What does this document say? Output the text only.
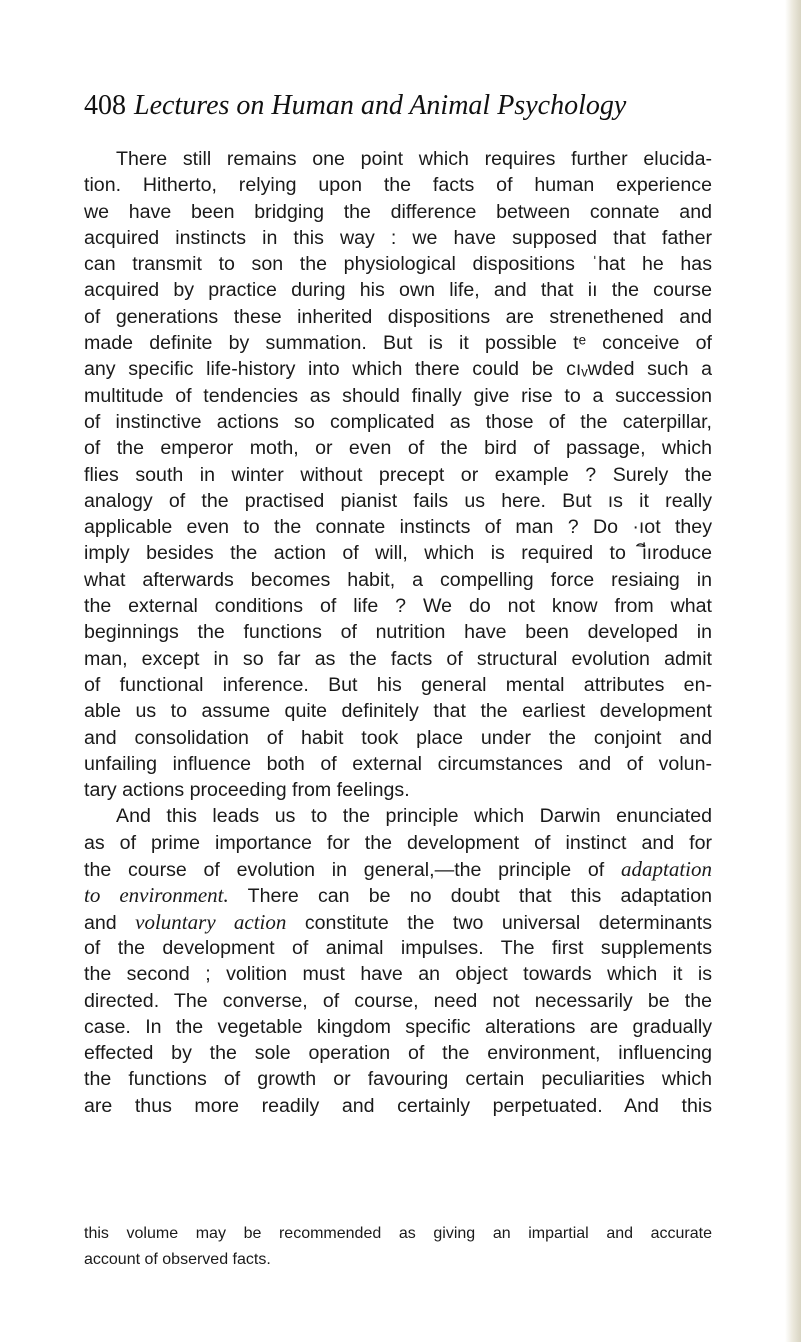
408 Lectures on Human and Animal Psychology
There still remains one point which requires further elucida-
tion. Hitherto, relying upon the facts of human experience
we have been bridging the difference between connate and
acquired instincts in this way : we have supposed that father
can transmit to son the physiological dispositions ˈhat he has
acquired by practice during his own life, and that iı the course
of generations these inherited dispositions are strenethened and
made definite by summation. But is it possible tᵉ conceive of
any specific life-history into which there could be cıᵥwded such a
multitude of tendencies as should finally give rise to a succession
of instinctive actions so complicated as those of the caterpillar,
of the emperor moth, or even of the bird of passage, which
flies south in winter without precept or example ? Surely the
analogy of the practised pianist fails us here. But ıѕ it really
applicable even to the connate instincts of man ? Do ·ıot they
imply besides the action of will, which is required to iีıroduce
what afterwards becomes habit, a compelling force resiaing in
the external conditions of life ? We do not know from what
beginnings the functions of nutrition have been developed in
man, except in so far as the facts of structural evolution admit
of functional inference. But his general mental attributes en-
able us to assume quite definitely that the earliest development
and consolidation of habit took place under the conjoint and
unfailing influence both of external circumstances and of volun-
tary actions proceeding from feelings.
And this leads us to the principle which Darwin enunciated
as of prime importance for the development of instinct and for
the course of evolution in general,—the principle of adaptation
to environment. There can be no doubt that this adaptation
and voluntary action constitute the two universal determinants
of the development of animal impulses. The first supplements
the second ; volition must have an object towards which it is
directed. The converse, of course, need not necessarily be the
case. In the vegetable kingdom specific alterations are gradually
effected by the sole operation of the environment, influencing
the functions of growth or favouring certain peculiarities which
are thus more readily and certainly perpetuated. And this
this volume may be recommended as giving an impartial and accurate
account of observed facts.
